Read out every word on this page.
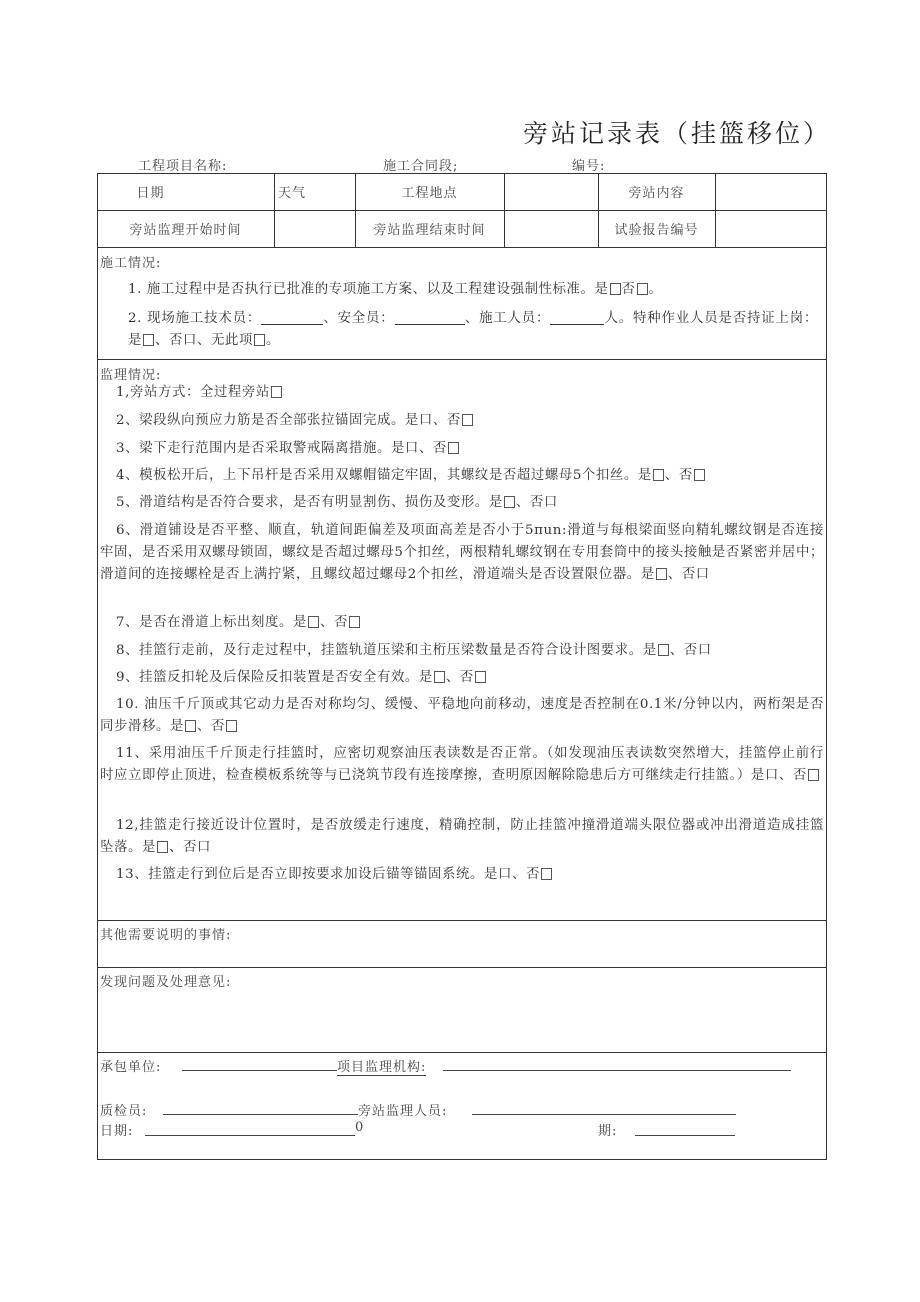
旁站记录表（挂篮移位）
工程项目名称:	施工合同段;	编号:
日期	天气	工程地点	旁站内容
旁站监理开始时间	旁站监理结束时间	试验报告编号
施工情况:
1. 施工过程中是否执行已批准的专项施工方案、以及工程建设强制性标准。是 否 。
2. 现场施工技术员：	、安全员：	、施工人员：	人。特种作业人员是否持证上岗：是 、否口、无此项 。
监理情况:
1,旁站方式：全过程旁站
2、梁段纵向预应力筋是否全部张拉锚固完成。是口、否
3、梁下走行范围内是否采取警戒隔离措施。是口、否
4、模板松开后，上下吊杆是否采用双螺帽锚定牢固，其螺纹是否超过螺母5个扣丝。是 、否
5、滑道结构是否符合要求，是否有明显割伤、损伤及变形。是 、否口
6、滑道铺设是否平整、顺直，轨道间距偏差及项面高差是否小于5πun:滑道与每根梁面竖向精轧螺纹钢是否连接牢固，是否采用双螺母锁固，螺纹是否超过螺母5个扣丝，两根精轧螺纹钢在专用套筒中的接头接触是否紧密并居中；滑道间的连接螺栓是否上满拧紧，且螺纹超过螺母2个扣丝，滑道端头是否设置限位器。是 、否口
7、是否在滑道上标出刻度。是 、否
8、挂篮行走前，及行走过程中，挂篮轨道压梁和主桁压梁数量是否符合设计图要求。是 、否口
9、挂篮反扣轮及后保险反扣装置是否安全有效。是 、否
10. 油压千斤顶或其它动力是否对称均匀、缓慢、平稳地向前移动，速度是否控制在0.1米/分钟以内，两桁架是否同步滑移。是 、否
11、采用油压千斤顶走行挂篮时，应密切观察油压表读数是否正常。（如发现油压表读数突然增大，挂篮停止前行时应立即停止顶进，检查模板系统等与已浇筑节段有连接摩擦，查明原因解除隐患后方可继续走行挂篮。）是口、否
12,挂篮走行接近设计位置时，是否放缓走行速度，精确控制，防止挂篮冲撞滑道端头限位器或冲出滑道造成挂篮坠落。是 、否口
13、挂篮走行到位后是否立即按要求加设后锚等锚固系统。是口、否
其他需要说明的事情:
发现问题及处理意见:
承包单位:	项目监理机构:
质检员:	旁站监理人员:
日期:	0	期:
